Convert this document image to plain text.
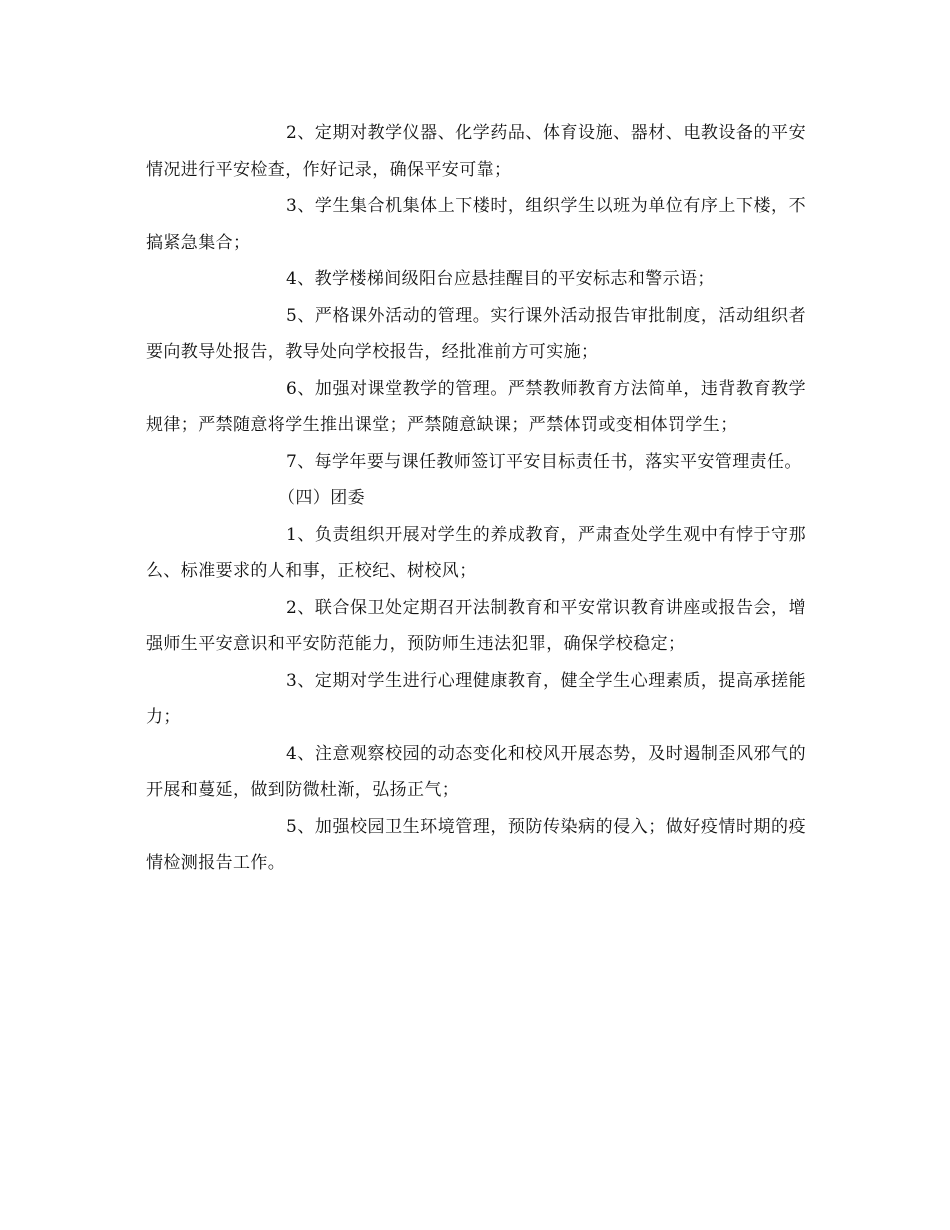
2、定期对教学仪器、化学药品、体育设施、器材、电教设备的平安情况进行平安检查，作好记录，确保平安可靠；

3、学生集合机集体上下楼时，组织学生以班为单位有序上下楼，不搞紧急集合；

4、教学楼梯间级阳台应悬挂醒目的平安标志和警示语；

5、严格课外活动的管理。实行课外活动报告审批制度，活动组织者要向教导处报告，教导处向学校报告，经批准前方可实施；

6、加强对课堂教学的管理。严禁教师教育方法简单，违背教育教学规律；严禁随意将学生推出课堂；严禁随意缺课；严禁体罚或变相体罚学生；

7、每学年要与课任教师签订平安目标责任书，落实平安管理责任。

（四）团委

1、负责组织开展对学生的养成教育，严肃查处学生观中有悖于守那么、标准要求的人和事，正校纪、树校风；

2、联合保卫处定期召开法制教育和平安常识教育讲座或报告会，增强师生平安意识和平安防范能力，预防师生违法犯罪，确保学校稳定；

3、定期对学生进行心理健康教育，健全学生心理素质，提高承搓能力；

4、注意观察校园的动态变化和校风开展态势，及时遏制歪风邪气的开展和蔓延，做到防微杜渐，弘扬正气；

5、加强校园卫生环境管理，预防传染病的侵入；做好疫情时期的疫情检测报告工作。
